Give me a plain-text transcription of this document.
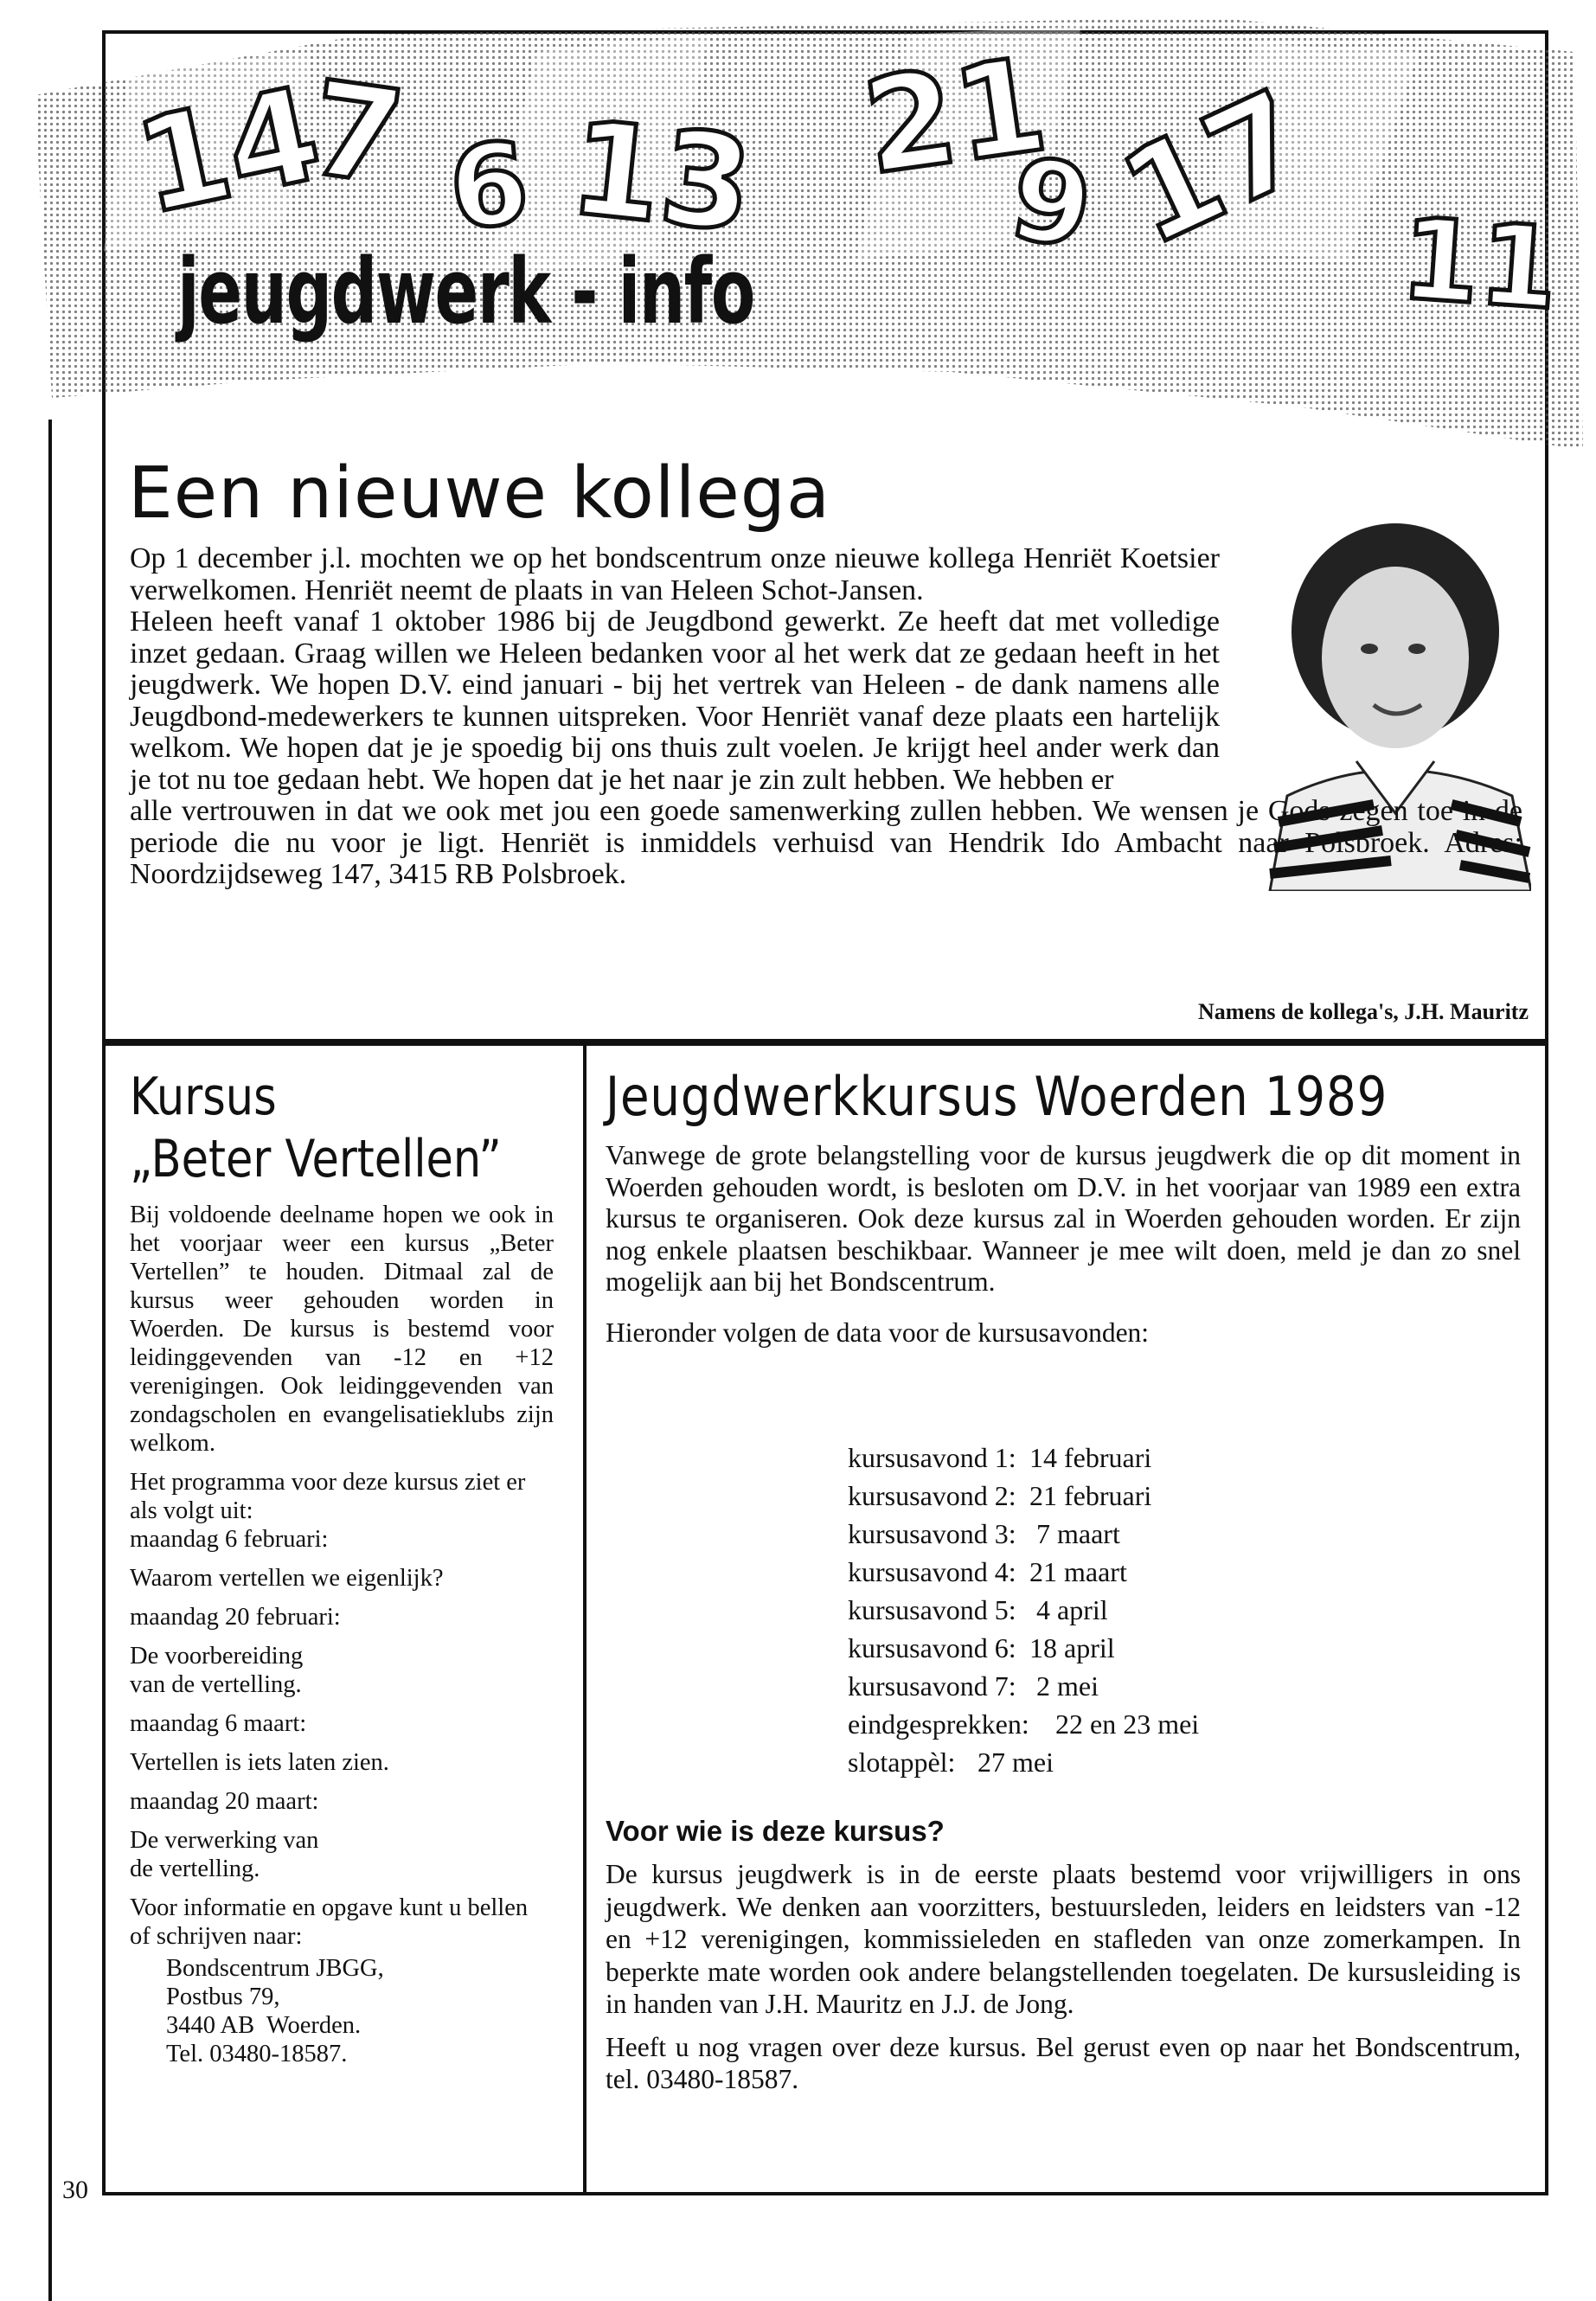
14
7 6 13 21
9 17 11
jeugdwerk - info
Een nieuwe kollega

Op 1 december j.l. mochten we op het bondscentrum onze nieuwe kollega Henriët Koetsier verwelkomen. Henriët neemt de plaats in van Heleen Schot-Jansen.

Heleen heeft vanaf 1 oktober 1986 bij de Jeugdbond gewerkt. Ze heeft dat met volledige inzet gedaan. Graag willen we Heleen bedanken voor al het werk dat ze gedaan heeft in het jeugdwerk. We hopen D.V. eind januari - bij het vertrek van Heleen - de dank namens alle Jeugdbond-medewerkers te kunnen uitspreken. Voor Henriët vanaf deze plaats een hartelijk welkom. We hopen dat je je spoedig bij ons thuis zult voelen. Je krijgt heel ander werk dan je tot nu toe gedaan hebt. We hopen dat je het naar je zin zult hebben. We hebben er

alle vertrouwen in dat we ook met jou een goede samenwerking zullen hebben. We wensen je Gods zegen toe in de periode die nu voor je ligt. Henriët is inmiddels verhuisd van Hendrik Ido Ambacht naar Polsbroek. Adres: Noordzijdseweg 147, 3415 RB Polsbroek.

Namens de kollega's, J.H. Mauritz
Kursus
„Beter Vertellen”

Bij voldoende deelname hopen we ook in het voorjaar weer een kursus „Beter Vertellen” te houden. Ditmaal zal de kursus weer gehouden worden in Woerden. De kursus is bestemd voor leidinggevenden van -12 en +12 verenigingen. Ook leidinggevenden van zondagscholen en evangelisatieklubs zijn welkom.

Het programma voor deze kursus ziet er als volgt uit:

maandag 6 februari:

Waarom vertellen we eigenlijk?

maandag 20 februari:

De voorbereiding van de vertelling.

maandag 6 maart:

Vertellen is iets laten zien.

maandag 20 maart:

De verwerking van de vertelling.

Voor informatie en opgave kunt u bellen of schrijven naar:

Bondscentrum JBGG,
Postbus 79,
3440 AB  Woerden.
Tel. 03480-18587.
Jeugdwerkkursus Woerden 1989

Vanwege de grote belangstelling voor de kursus jeugdwerk die op dit moment in Woerden gehouden wordt, is besloten om D.V. in het voorjaar van 1989 een extra kursus te organiseren. Ook deze kursus zal in Woerden gehouden worden. Er zijn nog enkele plaatsen beschikbaar. Wanneer je mee wilt doen, meld je dan zo snel mogelijk aan bij het Bondscentrum.

Hieronder volgen de data voor de kursusavonden:

kursusavond 1: 14 februari
kursusavond 2: 21 februari
kursusavond 3: 7 maart
kursusavond 4: 21 maart
kursusavond 5: 4 april
kursusavond 6: 18 april
kursusavond 7: 2 mei
eindgesprekken: 22 en 23 mei
slotappèl: 27 mei
Voor wie is deze kursus?

De kursus jeugdwerk is in de eerste plaats bestemd voor vrijwilligers in ons jeugdwerk. We denken aan voorzitters, bestuursleden, leiders en leidsters van -12 en +12 verenigingen, kommissieleden en stafleden van onze zomerkampen. In beperkte mate worden ook andere belangstellenden toegelaten. De kursusleiding is in handen van J.H. Mauritz en J.J. de Jong.

Heeft u nog vragen over deze kursus. Bel gerust even op naar het Bondscentrum, tel. 03480-18587.

30
